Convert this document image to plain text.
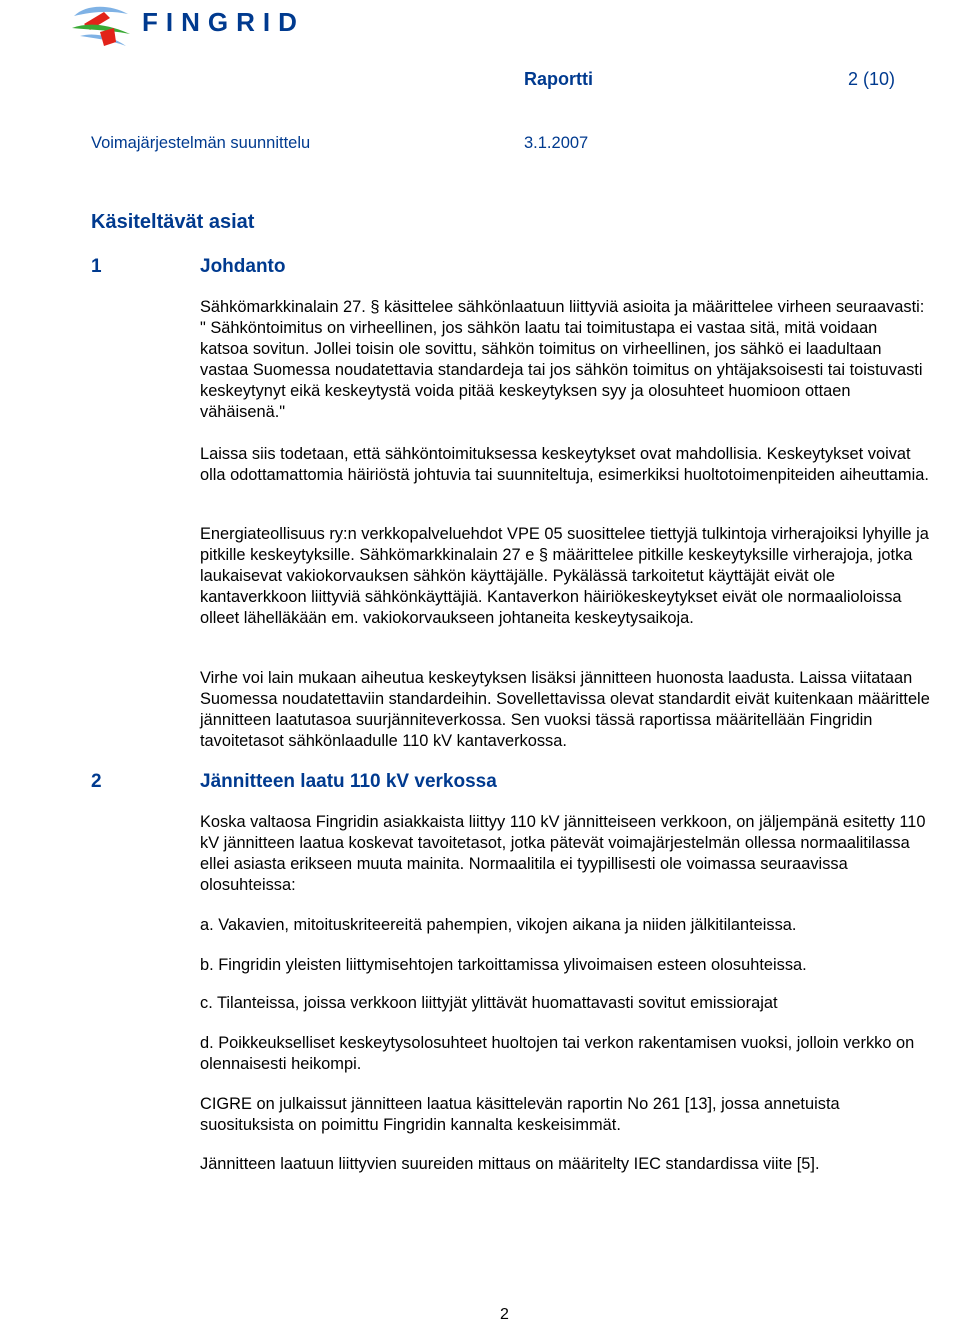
FINGRID
Raportti	2 (10)
Voimajärjestelmän suunnittelu	3.1.2007
Käsiteltävät asiat
1	Johdanto

Sähkömarkkinalain 27. § käsittelee sähkönlaatuun liittyviä asioita ja määrittelee virheen seuraavasti: " Sähköntoimitus on virheellinen, jos sähkön laatu tai toimitustapa ei vastaa sitä, mitä voidaan katsoa sovitun. Jollei toisin ole sovittu, sähkön toimitus on virheellinen, jos sähkö ei laadultaan vastaa Suomessa noudatettavia standardeja tai jos sähkön toimitus on yhtäjaksoisesti tai toistuvasti keskeytynyt eikä keskeytystä voida pitää keskeytyksen syy ja olosuhteet huomioon ottaen vähäisenä."

Laissa siis todetaan, että sähköntoimituksessa keskeytykset ovat mahdollisia. Keskeytykset voivat olla odottamattomia häiriöstä johtuvia tai suunniteltuja, esimerkiksi huoltotoimenpiteiden aiheuttamia.

Energiateollisuus ry:n verkkopalveluehdot VPE 05 suosittelee tiettyjä tulkintoja virherajoiksi lyhyille ja pitkille keskeytyksille. Sähkömarkkinalain 27 e § määrittelee pitkille keskeytyksille virherajoja, jotka laukaisevat vakiokorvauksen sähkön käyttäjälle. Pykälässä tarkoitetut käyttäjät eivät ole kantaverkkoon liittyviä sähkönkäyttäjiä. Kantaverkon häiriökeskeytykset eivät ole normaalioloissa olleet lähelläkään em. vakiokorvaukseen johtaneita keskeytysaikoja.

Virhe voi lain mukaan aiheutua keskeytyksen lisäksi jännitteen huonosta laadusta. Laissa viitataan Suomessa noudatettaviin standardeihin. Sovellettavissa olevat standardit eivät kuitenkaan määrittele jännitteen laatutasoa suurjänniteverkossa. Sen vuoksi tässä raportissa määritellään Fingridin tavoitetasot sähkönlaadulle 110 kV kantaverkossa.

2	Jännitteen laatu 110 kV verkossa

Koska valtaosa Fingridin asiakkaista liittyy 110 kV jännitteiseen verkkoon, on jäljempänä esitetty 110 kV jännitteen laatua koskevat tavoitetasot, jotka pätevät voimajärjestelmän ollessa normaalitilassa ellei asiasta erikseen muuta mainita. Normaalitila ei tyypillisesti ole voimassa seuraavissa olosuhteissa:

a. Vakavien, mitoituskriteereitä pahempien, vikojen aikana ja niiden jälkitilanteissa.

b. Fingridin yleisten liittymisehtojen tarkoittamissa ylivoimaisen esteen olosuhteissa.

c. Tilanteissa, joissa verkkoon liittyjät ylittävät huomattavasti sovitut emissiorajat

d. Poikkeukselliset keskeytysolosuhteet huoltojen tai verkon rakentamisen vuoksi, jolloin verkko on olennaisesti heikompi.

CIGRE on julkaissut jännitteen laatua käsittelevän raportin No 261 [13], jossa annetuista suosituksista on poimittu Fingridin kannalta keskeisimmät.

Jännitteen laatuun liittyvien suureiden mittaus on määritelty IEC standardissa viite [5].

2
